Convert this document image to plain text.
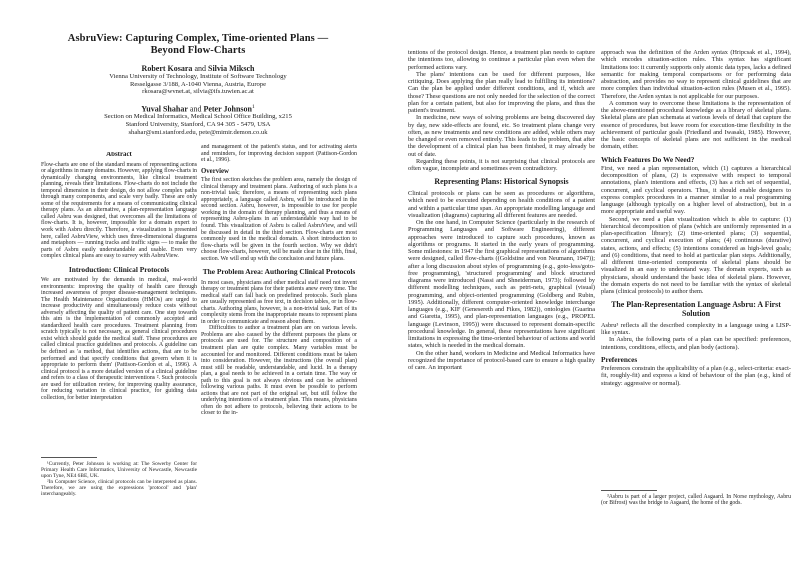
AsbruView: Capturing Complex, Time-oriented Plans —
Beyond Flow-Charts
Robert Kosara and Silvia Miksch
Vienna University of Technology, Institute of Software Technology
Resselgasse 3/188, A-1040 Vienna, Austria, Europe
rkosara@wvnet.at, silvia@ifs.tuwien.ac.at
Yuval Shahar and Peter Johnson$^1$
Section on Medical Informatics, Medical School Office Building, x215
Stanford University, Stanford, CA 94 305 - 5479, USA
shahar@smi.stanford.edu, pete@mimir.demon.co.uk
Abstract

Flow-charts are one of the standard means of representing actions or algorithms in many domains. However, applying flow-charts in dynamically changing environments, like clinical treatment planning, reveals their limitations. Flow-charts do not include the temporal dimension in their design, do not allow complex paths through many components, and scale very badly. These are only some of the requirements for a means of communicating clinical therapy plans. As an alternative, a plan-representation language called Asbru was designed, that overcomes all the limitations of flow-charts. It is, however, impossible for a domain expert to work with Asbru directly. Therefore, a visualization is presented here, called AsbruView, which uses three-dimensional diagrams and metaphors — running tracks and traffic signs — to make the parts of Asbru easily understandable and usable. Even very complex clinical plans are easy to survey with AsbruView.

Introduction: Clinical Protocols

We are motivated by the demands in medical, real-world environments: improving the quality of health care through increased awareness of proper disease-management techniques. The Health Maintenance Organizations (HMOs) are urged to increase productivity and simultaneously reduce costs without adversely affecting the quality of patient care. One step towards this aim is the implementation of commonly accepted and standardized health care procedures. Treatment planning from scratch typically is not necessary, as general clinical procedures exist which should guide the medical staff. These procedures are called clinical practice guidelines and protocols. A guideline can be defined as 'a method, that identifies actions, that are to be performed and that specify conditions that govern when it is appropriate to perform them' (Pattison-Gordon et al., 1996). A clinical protocol is a more detailed version of a clinical guideline and refers to a class of therapeutic interventions ². Such protocols are used for utilization review, for improving quality assurance, for reducing variation in clinical practice, for guiding data collection, for better interpretation

¹Currently, Peter Johnson is working at: The Sowerby Center for Primary Health Care Informatics, University of Newcastle, Newcastle upon Tyne, NE4 6BE, UK.

²In Computer Science, clinical protocols can be interpreted as plans. Therefore, we are using the expressions 'protocol' and 'plan' interchangeably.

and management of the patient's status, and for activating alerts and reminders, for improving decision support (Pattison-Gordon et al., 1996).

Overview

The first section sketches the problem area, namely the design of clinical therapy and treatment plans. Authoring of such plans is a non-trivial task; therefore, a means of representing such plans appropriately, a language called Asbru, will be introduced in the second section. Asbru, however, is impossible to use for people working in the domain of therapy planning, and thus a means of representing Asbru-plans in an understandable way had to be found. This visualization of Asbru is called AsbruView, and will be discussed in detail in the third section. Flow-charts are most commonly used in the medical domain. A short introduction to flow-charts will be given in the fourth section. Why we didn't choose flow-charts, however, will be made clear in the fifth, final, section. We will end up with the conclusion and future plans.

The Problem Area: Authoring Clinical Protocols

In most cases, physicians and other medical staff need not invent therapy or treatment plans for their patients anew every time. The medical staff can fall back on predefined protocols. Such plans are usually represented as free text, in decision tables, or in flow-charts. Authoring plans, however, is a non-trivial task. Part of its complexity stems from the inappropriate means to represent plans in order to communicate and reason about them.

Difficulties to author a treatment plan are on various levels. Problems are also caused by the different purposes the plans or protocols are used for. The structure and composition of a treatment plan are quite complex. Many variables must be accounted for and monitored. Different conditions must be taken into consideration. However, the instructions (the overall plan) must still be readable, understandable, and lucid. In a therapy plan, a goal needs to be achieved in a certain time. The way or path to this goal is not always obvious and can be achieved following various paths. It must even be possible to perform actions that are not part of the original set, but still follow the underlying intentions of a treatment plan. This means, physicians often do not adhere to protocols, believing their actions to be closer to the in-

tentions of the protocol design. Hence, a treatment plan needs to capture the intentions too, allowing to continue a particular plan even when the performed actions vary.

The plans' intentions can be used for different purposes, like critiquing. Does applying the plan really lead to fulfilling its intentions? Can the plan be applied under different conditions, and if, which are those? These questions are not only needed for the selection of the correct plan for a certain patient, but also for improving the plans, and thus the patient's treatment.

In medicine, new ways of solving problems are being discovered day by day, new side-effects are found, etc. So treatment plans change very often, as new treatments and new conditions are added, while others may be changed or even removed entirely. This leads to the problem, that after the development of a clinical plan has been finished, it may already be out of date.

Regarding these points, it is not surprising that clinical protocols are often vague, incomplete and sometimes even contradictory.

Representing Plans: Historical Synopsis

Clinical protocols or plans can be seen as procedures or algorithms, which need to be executed depending on health conditions of a patient and within a particular time span. An appropriate modelling language and visualization (diagrams) capturing all different features are needed.

On the one hand, in Computer Science (particularly in the research of Programming Languages and Software Engineering), different approaches were introduced to capture such procedures, known as algorithms or programs. It started in the early years of programming. Some milestones: in 1947 the first graphical representations of algorithms were designed, called flow-charts ((Goldstine and von Neumann, 1947)); after a long discussion about styles of programming (e.g., goto-less/goto-free programming), 'structured programming' and block structured diagrams were introduced (Nassi and Shneiderman, 1973); followed by different modelling techniques, such as petri-nets, graphical (visual) programming, and object-oriented programming (Goldberg and Rubin, 1995). Additionally, different computer-oriented knowledge interchange languages (e.g., KIF (Genesereth and Fikes, 1982)), ontologies (Guarina and Giaretta, 1995), and plan-representation languages (e.g., PROPEL language (Levinson, 1995)) were discussed to represent domain-specific procedural knowledge. In general, these representations have significant limitations in expressing the time-oriented behaviour of actions and world states, which is needed in the medical domain.

On the other hand, workers in Medicine and Medical Informatics have recognized the importance of protocol-based care to ensure a high quality of care. An important

approach was the definition of the Arden syntax (Hripcsak et al., 1994), which encodes situation-action rules. This syntax has significant limitations too: it currently supports only atomic data types, lacks a defined semantic for making temporal comparisons or for performing data abstraction, and provides no way to represent clinical guidelines that are more complex than individual situation-action rules (Musen et al., 1995). Therefore, the Arden syntax is not applicable for our purposes.

A common way to overcome these limitations is the representation of the above-mentioned procedural knowledge as a library of skeletal plans. Skeletal plans are plan schemata at various levels of detail that capture the essence of procedures, but leave room for execution-time flexibility in the achievement of particular goals (Friedland and Iwasaki, 1985). However, the basic concepts of skeletal plans are not sufficient in the medical domain, either.

Which Features Do We Need?

First, we need a plan representation, which (1) captures a hierarchical decomposition of plans, (2) is expressive with respect to temporal annotations, plan's intentions and effects, (3) has a rich set of sequential, concurrent, and cyclical operators. Thus, it should enable designers to express complex procedures in a manner similar to a real programming language (although typically on a higher level of abstraction), but in a more appropriate and useful way.

Second, we need a plan visualization which is able to capture: (1) hierarchical decomposition of plans (which are uniformly represented in a plan-specification library); (2) time-oriented plans; (3) sequential, concurrent, and cyclical execution of plans; (4) continuous (durative) states, actions, and effects; (5) intentions considered as high-level goals; and (6) conditions, that need to hold at particular plan steps. Additionally, all different time-oriented components of skeletal plans should be visualized in an easy to understand way. The domain experts, such as physicians, should understand the basic idea of skeletal plans. However, the domain experts do not need to be familiar with the syntax of skeletal plans (clinical protocols) to author them.

The Plan-Representation Language Asbru: A First Solution

Asbru³ reflects all the described complexity in a language using a LISP-like syntax.

In Asbru, the following parts of a plan can be specified: preferences, intentions, conditions, effects, and plan body (actions).

Preferences

Preferences constrain the applicability of a plan (e.g., select-criteria: exact-fit, roughly-fit) and express a kind of behaviour of the plan (e.g., kind of strategy: aggressive or normal).

³Asbru is part of a larger project, called Asgaard. In Norse mythology, Asbru (or Bifrost) was the bridge to Asgaard, the home of the gods.
